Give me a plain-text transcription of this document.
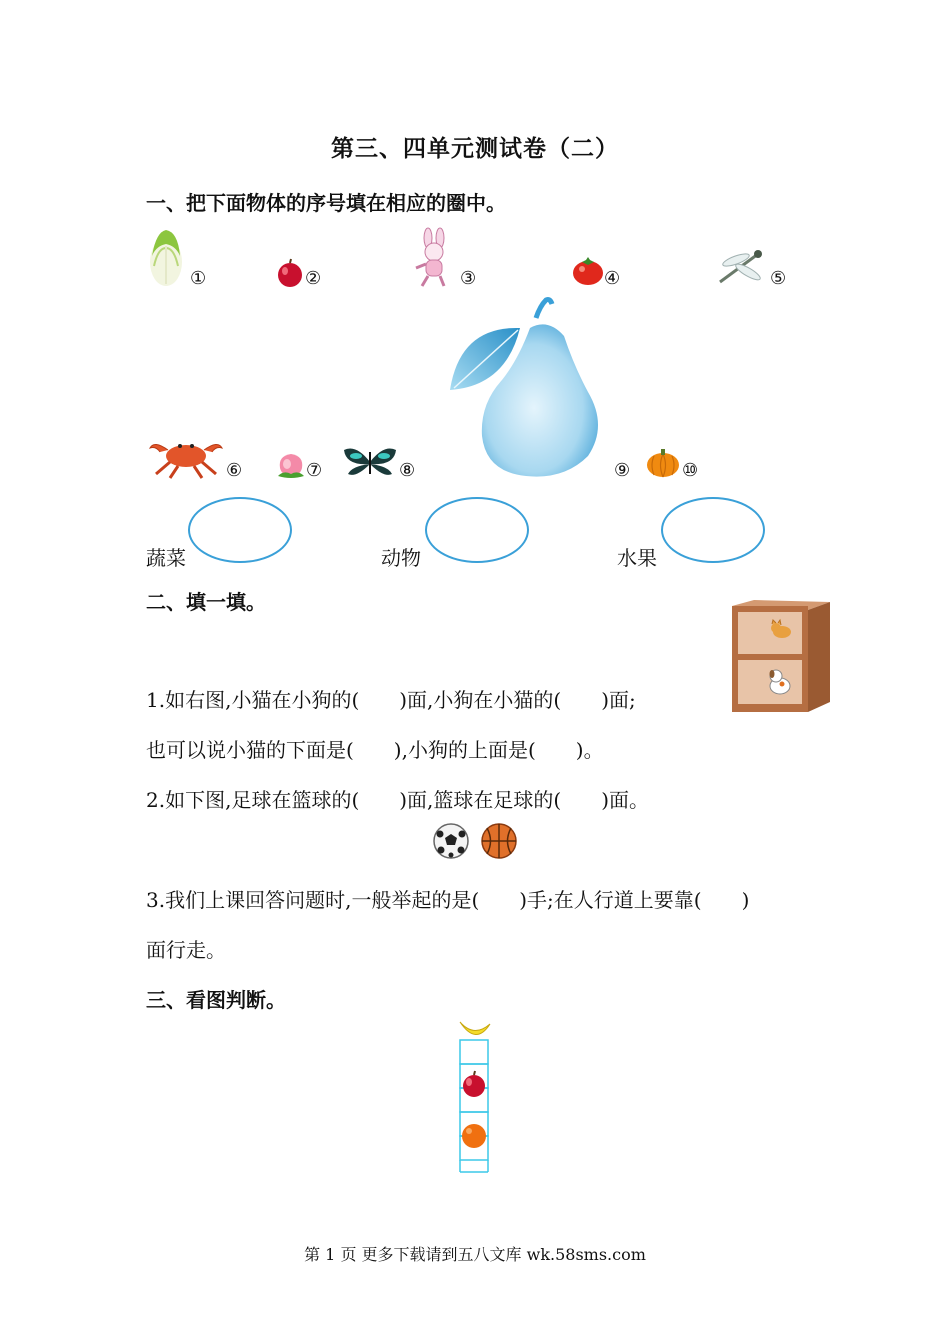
第三、四单元测试卷（二）
一、把下面物体的序号填在相应的圈中。
①	②	③	④	⑤
⑥	⑦	⑧	⑨	⑩
蔬菜	动物	水果
二、填一填。
1.如右图,小猫在小狗的(　　)面,小狗在小猫的(　　)面;
也可以说小猫的下面是(　　),小狗的上面是(　　)。
2.如下图,足球在篮球的(　　)面,篮球在足球的(　　)面。
3.我们上课回答问题时,一般举起的是(　　)手;在人行道上要靠(　　)
面行走。
三、看图判断。
第 1 页 更多下载请到五八文库 wk.58sms.com
